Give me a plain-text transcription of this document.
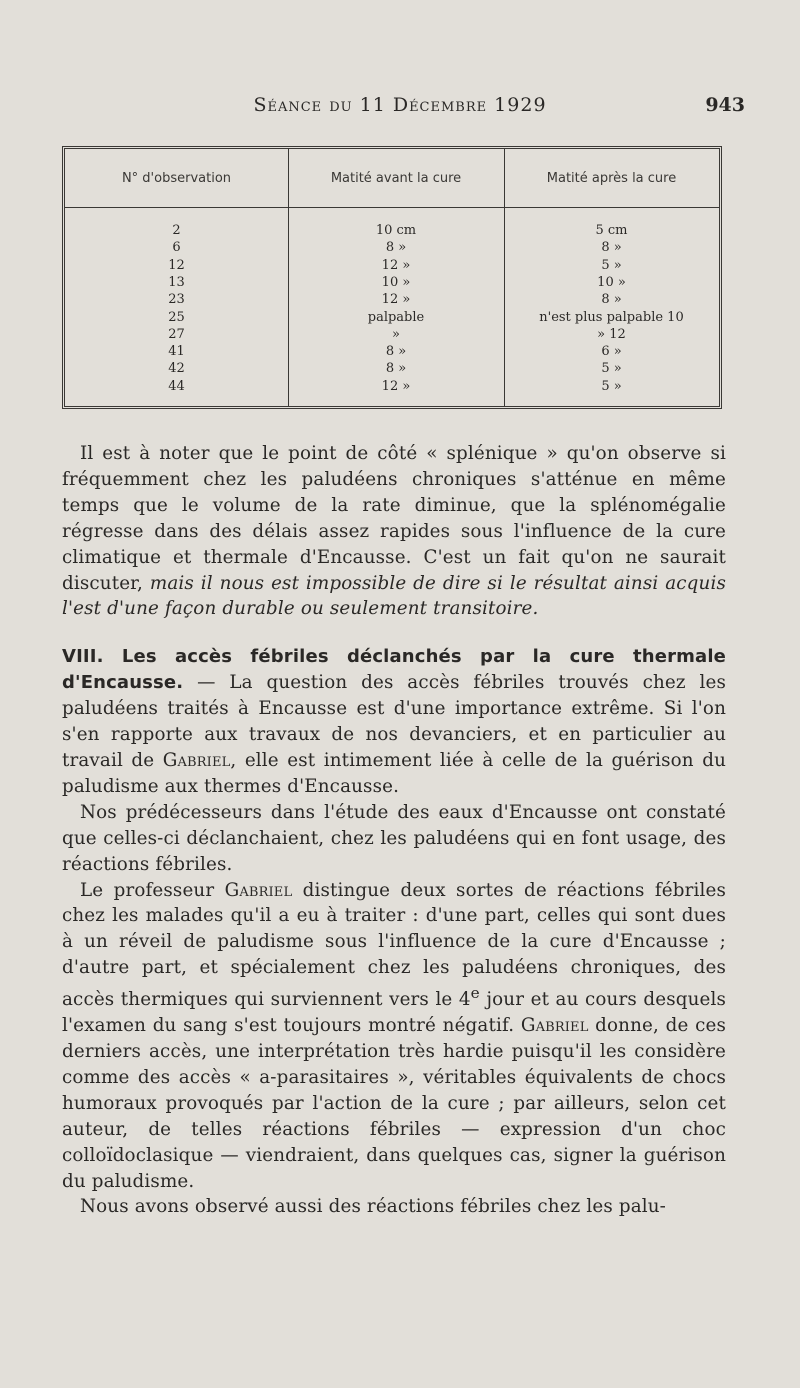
Séance du 11 Décembre 1929	943
N° d'observation	Matité avant la cure	Matité après la cure
2	10 cm	5 cm
6	8 »	8 »
12	12 »	5 »
13	10 »	10 »
23	12 »	8 »
25	palpable	n'est plus palpable 10
27	»	» 12
41	8 »	6 »
42	8 »	5 »
44	12 »	5 »

Il est à noter que le point de côté « splénique » qu'on observe si fréquemment chez les paludéens chroniques s'atténue en même temps que le volume de la rate diminue, que la splénomégalie régresse dans des délais assez rapides sous l'influence de la cure climatique et thermale d'Encausse. C'est un fait qu'on ne saurait discuter, mais il nous est impossible de dire si le résultat ainsi acquis l'est d'une façon durable ou seulement transitoire.

VIII. Les accès fébriles déclanchés par la cure thermale d'Encausse. — La question des accès fébriles trouvés chez les paludéens traités à Encausse est d'une importance extrême. Si l'on s'en rapporte aux travaux de nos devanciers, et en particulier au travail de Gabriel, elle est intimement liée à celle de la guérison du paludisme aux thermes d'Encausse.

Nos prédécesseurs dans l'étude des eaux d'Encausse ont constaté que celles-ci déclanchaient, chez les paludéens qui en font usage, des réactions fébriles.

Le professeur Gabriel distingue deux sortes de réactions fébriles chez les malades qu'il a eu à traiter : d'une part, celles qui sont dues à un réveil de paludisme sous l'influence de la cure d'Encausse ; d'autre part, et spécialement chez les paludéens chroniques, des accès thermiques qui surviennent vers le 4e jour et au cours desquels l'examen du sang s'est toujours montré négatif. Gabriel donne, de ces derniers accès, une interprétation très hardie puisqu'il les considère comme des accès « a-parasitaires », véritables équivalents de chocs humoraux provoqués par l'action de la cure ; par ailleurs, selon cet auteur, de telles réactions fébriles — expression d'un choc colloïdoclasique — viendraient, dans quelques cas, signer la guérison du paludisme.

Nous avons observé aussi des réactions fébriles chez les palu-
